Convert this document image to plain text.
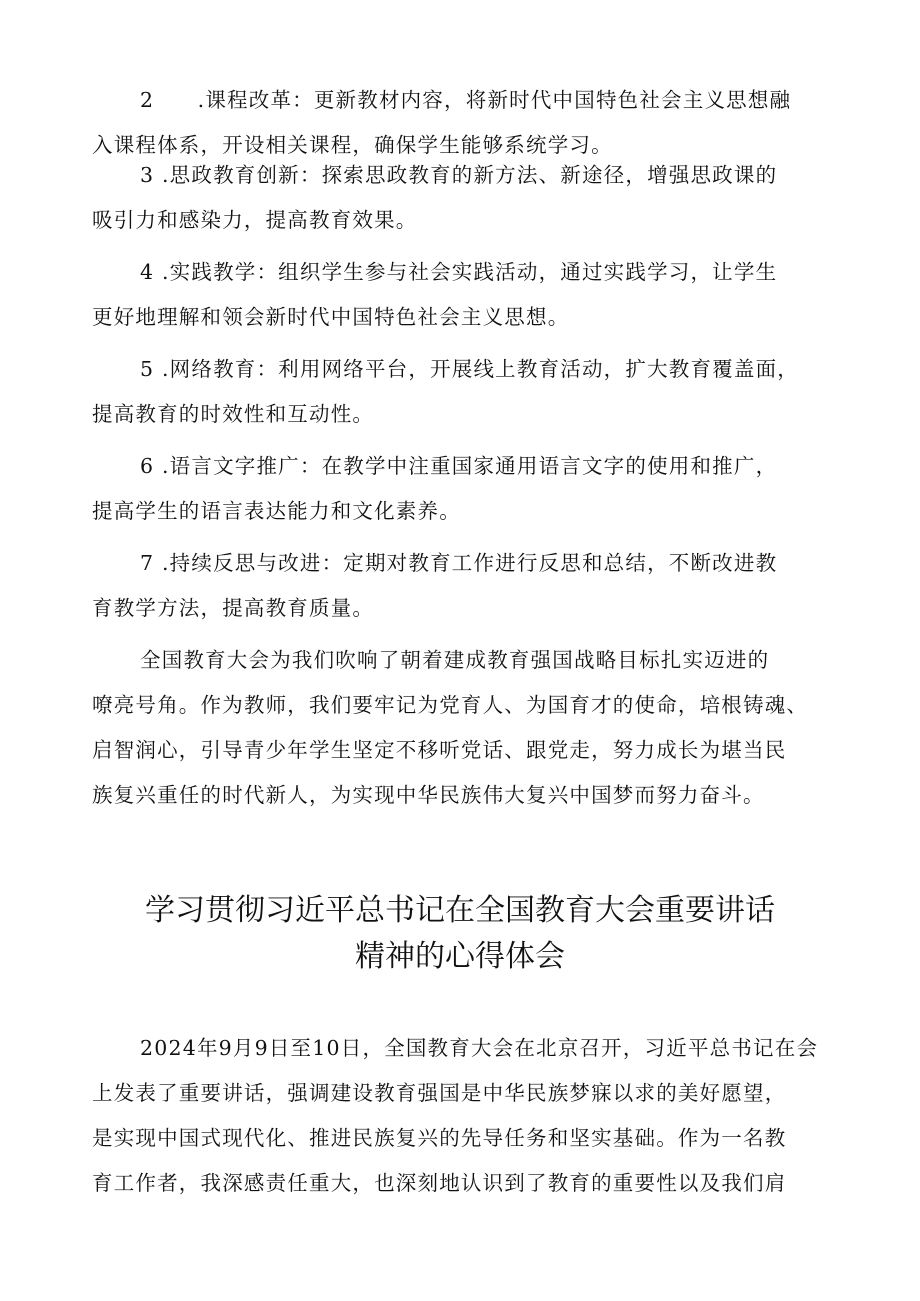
2　　.课程改革：更新教材内容，将新时代中国特色社会主义思想融
入课程体系，开设相关课程，确保学生能够系统学习。
3 .思政教育创新：探索思政教育的新方法、新途径，增强思政课的
吸引力和感染力，提高教育效果。
4 .实践教学：组织学生参与社会实践活动，通过实践学习，让学生
更好地理解和领会新时代中国特色社会主义思想。
5 .网络教育：利用网络平台，开展线上教育活动，扩大教育覆盖面，
提高教育的时效性和互动性。
6 .语言文字推广：在教学中注重国家通用语言文字的使用和推广，
提高学生的语言表达能力和文化素养。
7 .持续反思与改进：定期对教育工作进行反思和总结，不断改进教
育教学方法，提高教育质量。
全国教育大会为我们吹响了朝着建成教育强国战略目标扎实迈进的
嘹亮号角。作为教师，我们要牢记为党育人、为国育才的使命，培根铸魂、
启智润心，引导青少年学生坚定不移听党话、跟党走，努力成长为堪当民
族复兴重任的时代新人，为实现中华民族伟大复兴中国梦而努力奋斗。
学习贯彻习近平总书记在全国教育大会重要讲话
精神的心得体会
2024年9月9日至10日，全国教育大会在北京召开，习近平总书记在会
上发表了重要讲话，强调建设教育强国是中华民族梦寐以求的美好愿望，
是实现中国式现代化、推进民族复兴的先导任务和坚实基础。作为一名教
育工作者，我深感责任重大，也深刻地认识到了教育的重要性以及我们肩
